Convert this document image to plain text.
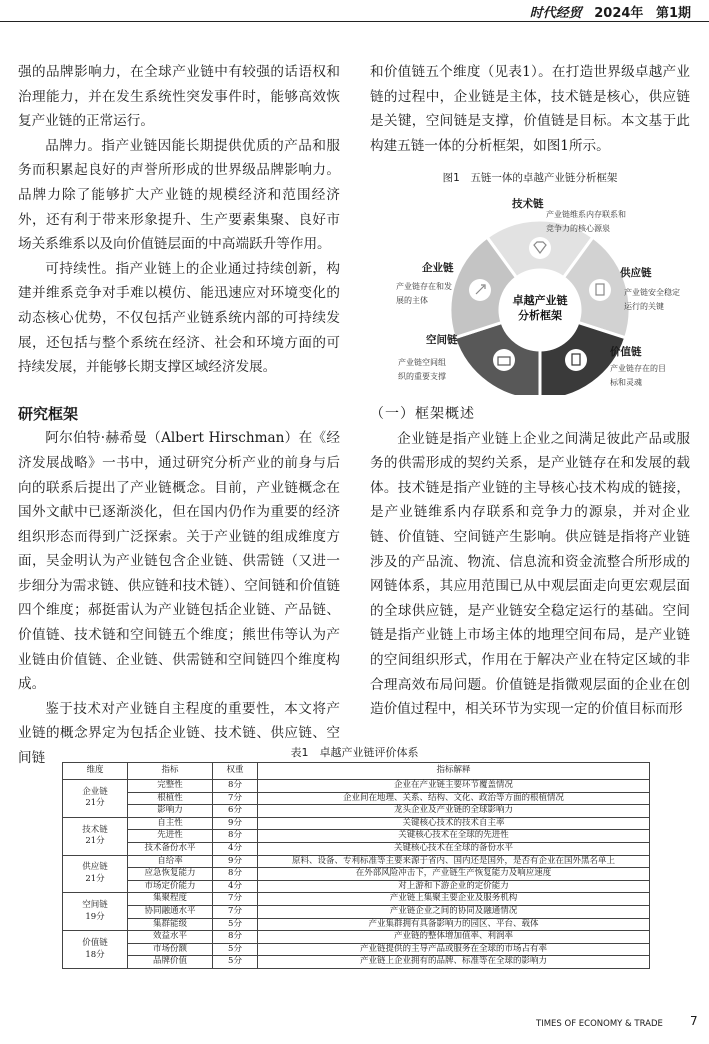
时代经贸 2024年 第1期

强的品牌影响力，在全球产业链中有较强的话语权和治理能力，并在发生系统性突发事件时，能够高效恢复产业链的正常运行。

品牌力。指产业链因能长期提供优质的产品和服务而积累起良好的声誉所形成的世界级品牌影响力。品牌力除了能够扩大产业链的规模经济和范围经济外，还有利于带来形象提升、生产要素集聚、良好市场关系维系以及向价值链层面的中高端跃升等作用。

可持续性。指产业链上的企业通过持续创新，构建并维系竞争对手难以模仿、能迅速应对环境变化的动态核心优势，不仅包括产业链系统内部的可持续发展，还包括与整个系统在经济、社会和环境方面的可持续发展，并能够长期支撑区域经济发展。

研究框架

阿尔伯特·赫希曼（Albert Hirschman）在《经济发展战略》一书中，通过研究分析产业的前身与后向的联系后提出了产业链概念。目前，产业链概念在国外文献中已逐渐淡化，但在国内仍作为重要的经济组织形态而得到广泛探索。关于产业链的组成维度方面，吴金明认为产业链包含企业链、供需链（又进一步细分为需求链、供应链和技术链）、空间链和价值链四个维度；郝挺雷认为产业链包括企业链、产品链、价值链、技术链和空间链五个维度；熊世伟等认为产业链由价值链、企业链、供需链和空间链四个维度构成。

鉴于技术对产业链自主程度的重要性，本文将产业链的概念界定为包括企业链、技术链、供应链、空间链

和价值链五个维度（见表1）。在打造世界级卓越产业链的过程中，企业链是主体，技术链是核心，供应链是关键，空间链是支撑，价值链是目标。本文基于此构建五链一体的分析框架，如图1所示。

图1　五链一体的卓越产业链分析框架
卓越产业链
分析框架
技术链
产业链维系内存联系和
竞争力的核心源泉
供应链
产业链安全稳定
运行的关键
价值链
产业链存在的目
标和灵魂
空间链
产业链空间组
织的重要支撑
企业链
产业链存在和发
展的主体

（一）框架概述

企业链是指产业链上企业之间满足彼此产品或服务的供需形成的契约关系，是产业链存在和发展的载体。技术链是指产业链的主导核心技术构成的链接，是产业链维系内存联系和竞争力的源泉，并对企业链、价值链、空间链产生影响。供应链是指将产业链涉及的产品流、物流、信息流和资金流整合所形成的网链体系，其应用范围已从中观层面走向更宏观层面的全球供应链，是产业链安全稳定运行的基础。空间链是指产业链上市场主体的地理空间布局，是产业链的空间组织形式，作用在于解决产业在特定区域的非合理高效布局问题。价值链是指微观层面的企业在创造价值过程中，相关环节为实现一定的价值目标而形

表1　卓越产业链评价体系
维度	指标	权重	指标解释
企业链
21分	完整性	8分	企业在产业链主要环节覆盖情况
	根植性	7分	企业间在地理、关系、结构、文化、政治等方面的根植情况
	影响力	6分	龙头企业及产业链的全球影响力
技术链
21分	自主性	9分	关键核心技术的技术自主率
	先进性	8分	关键核心技术在全球的先进性
	技术备份水平	4分	关键核心技术在全球的备份水平
供应链
21分	自给率	9分	原料、设备、专利标准等主要来源于省内、国内还是国外，是否有企业在国外黑名单上
	应急恢复能力	8分	在外部风险冲击下，产业链生产恢复能力及响应速度
	市场定价能力	4分	对上游和下游企业的定价能力
空间链
19分	集聚程度	7分	产业链上集聚主要企业及服务机构
	协同融通水平	7分	产业链企业之间的协同及融通情况
	集群能级	5分	产业集群拥有具备影响力的园区、平台、载体
价值链
18分	效益水平	8分	产业链的整体增加值率、利润率
	市场份额	5分	产业链提供的主导产品或服务在全球的市场占有率
	品牌价值	5分	产业链上企业拥有的品牌、标准等在全球的影响力
TIMES OF ECONOMY & TRADE 7
